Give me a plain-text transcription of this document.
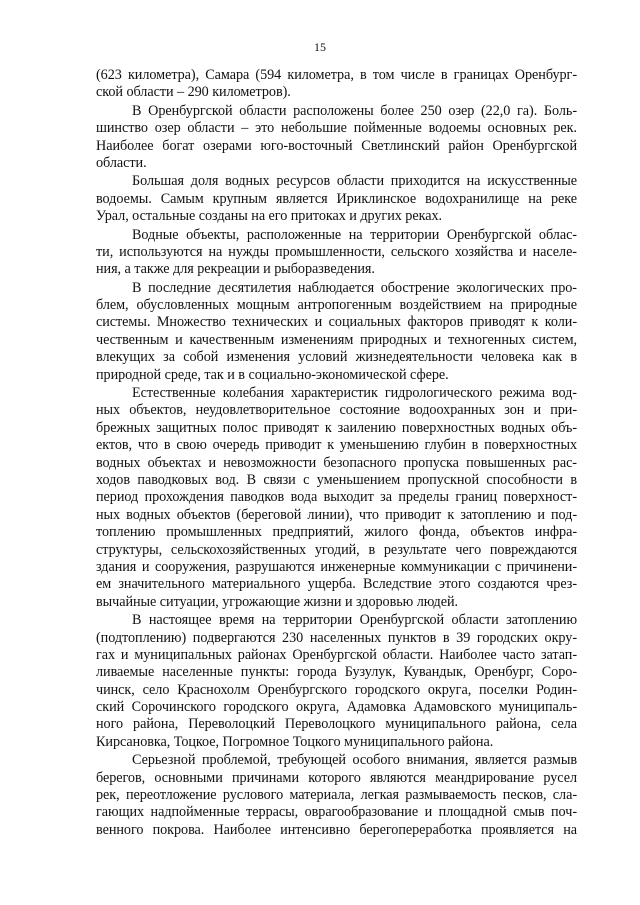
15
(623 километра), Самара (594 километра, в том числе в границах Оренбург-
ской области – 290 километров).
В Оренбургской области расположены более 250 озер (22,0 га). Боль-
шинство озер области – это небольшие пойменные водоемы основных рек.
Наиболее богат озерами юго-восточный Светлинский район Оренбургской
области.
Большая доля водных ресурсов области приходится на искусственные
водоемы. Самым крупным является Ириклинское водохранилище на реке
Урал, остальные созданы на его притоках и других реках.
Водные объекты, расположенные на территории Оренбургской облас-
ти, используются на нужды промышленности, сельского хозяйства и населе-
ния, а также для рекреации и рыборазведения.
В последние десятилетия наблюдается обострение экологических про-
блем, обусловленных мощным антропогенным воздействием на природные
системы. Множество технических и социальных факторов приводят к коли-
чественным и качественным изменениям природных и техногенных систем,
влекущих за собой изменения условий жизнедеятельности человека как в
природной среде, так и в социально-экономической сфере.
Естественные колебания характеристик гидрологического режима вод-
ных объектов, неудовлетворительное состояние водоохранных зон и при-
брежных защитных полос приводят к заилению поверхностных водных объ-
ектов, что в свою очередь приводит к уменьшению глубин в поверхностных
водных объектах и невозможности безопасного пропуска повышенных рас-
ходов паводковых вод. В связи с уменьшением пропускной способности в
период прохождения паводков вода выходит за пределы границ поверхност-
ных водных объектов (береговой линии), что приводит к затоплению и под-
топлению промышленных предприятий, жилого фонда, объектов инфра-
структуры, сельскохозяйственных угодий, в результате чего повреждаются
здания и сооружения, разрушаются инженерные коммуникации с причинени-
ем значительного материального ущерба. Вследствие этого создаются чрез-
вычайные ситуации, угрожающие жизни и здоровью людей.
В настоящее время на территории Оренбургской области затоплению
(подтоплению) подвергаются 230 населенных пунктов в 39 городских окру-
гах и муниципальных районах Оренбургской области. Наиболее часто затап-
ливаемые населенные пункты: города Бузулук, Кувандык, Оренбург, Соро-
чинск, село Краснохолм Оренбургского городского округа, поселки Родин-
ский Сорочинского городского округа, Адамовка Адамовского муниципаль-
ного района, Переволоцкий Переволоцкого муниципального района, села
Кирсановка, Тоцкое, Погромное Тоцкого муниципального района.
Серьезной проблемой, требующей особого внимания, является размыв
берегов, основными причинами которого являются меандрирование русел
рек, переотложение руслового материала, легкая размываемость песков, сла-
гающих надпойменные террасы, оврагообразование и площадной смыв поч-
венного покрова. Наиболее интенсивно берегопереработка проявляется на
